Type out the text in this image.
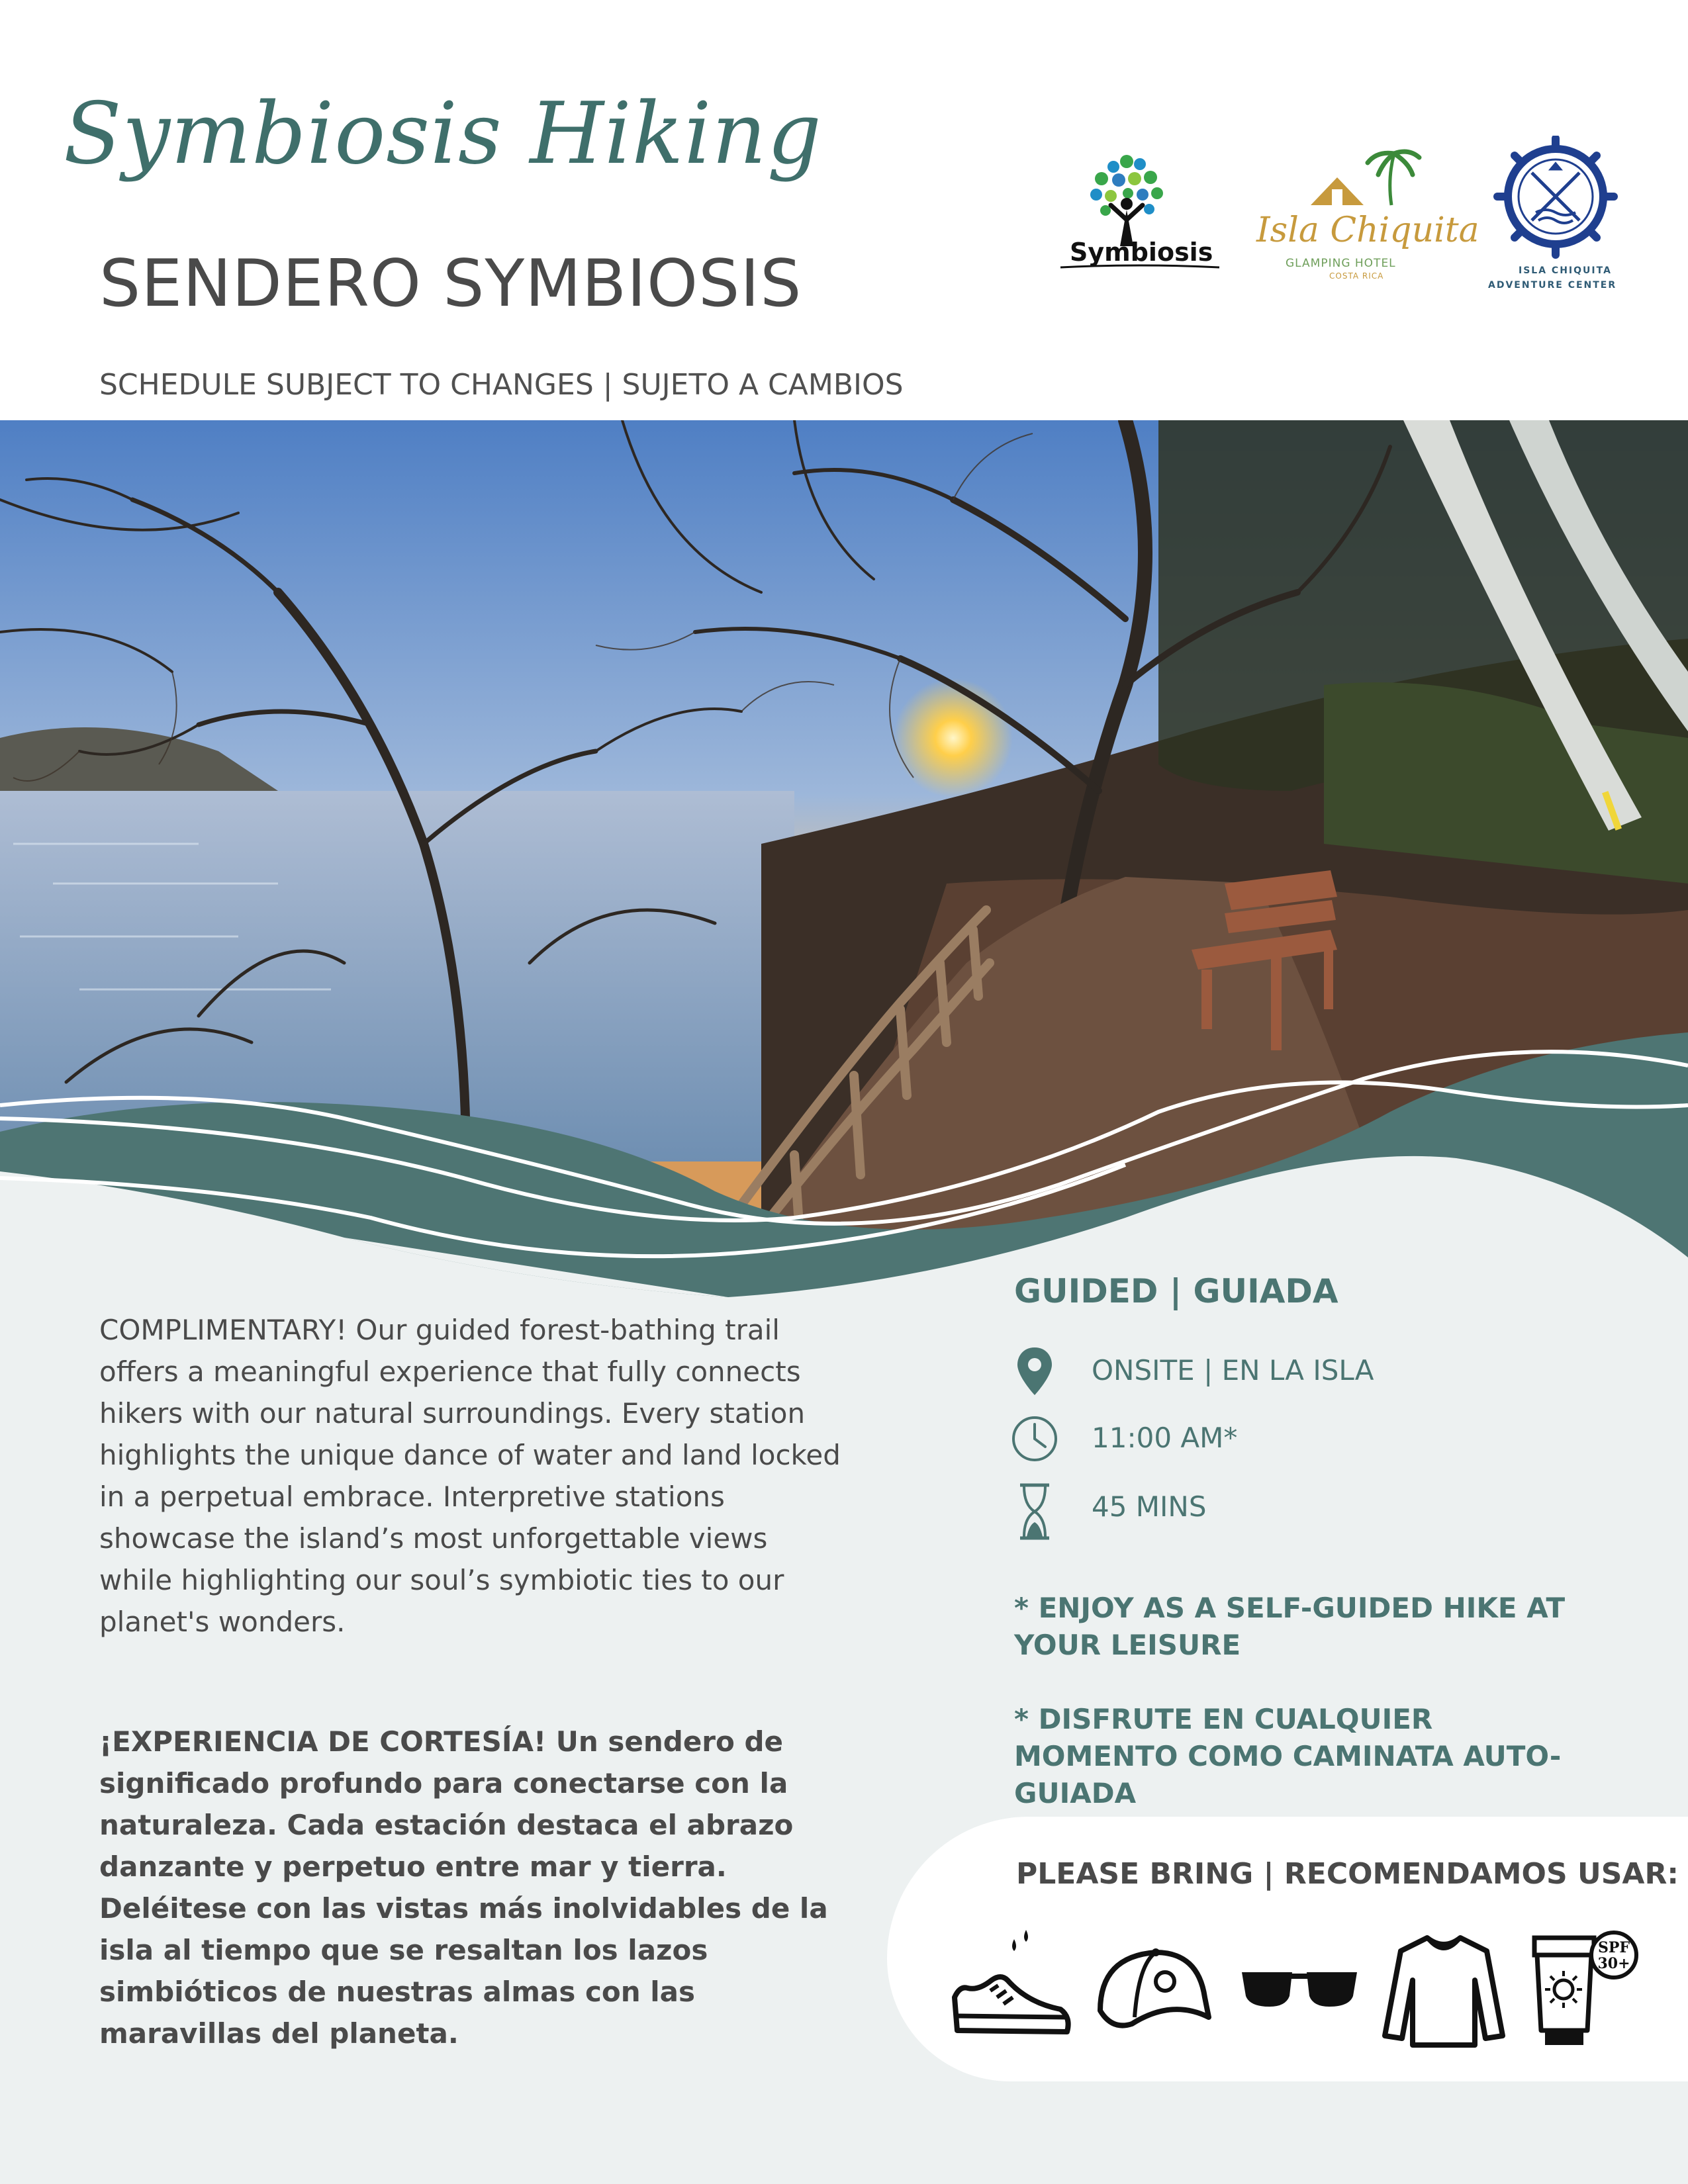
Symbiosis Hiking
SENDERO SYMBIOSIS
SCHEDULE SUBJECT TO CHANGES | SUJETO A CAMBIOS
Symbiosis
Isla Chiquita
GLAMPING HOTEL
COSTA RICA	ISLA CHIQUITA
ADVENTURE CENTER
COMPLIMENTARY! Our guided forest-bathing trail offers a meaningful experience that fully connects hikers with our natural surroundings. Every station highlights the unique dance of water and land locked in a perpetual embrace. Interpretive stations showcase the island’s most unforgettable views while highlighting our soul’s symbiotic ties to our planet's wonders.
¡EXPERIENCIA DE CORTESÍA! Un sendero de significado profundo para conectarse con la naturaleza. Cada estación destaca el abrazo danzante y perpetuo entre mar y tierra. Deléitese con las vistas más inolvidables de la isla al tiempo que se resaltan los lazos simbióticos de nuestras almas con las maravillas del planeta.
GUIDED | GUIADA
ONSITE | EN LA ISLA
11:00 AM*
45 MINS
* ENJOY AS A SELF-GUIDED HIKE AT YOUR LEISURE
* DISFRUTE EN CUALQUIER MOMENTO COMO CAMINATA AUTO-GUIADA
PLEASE BRING | RECOMENDAMOS USAR:
SPF
30+
